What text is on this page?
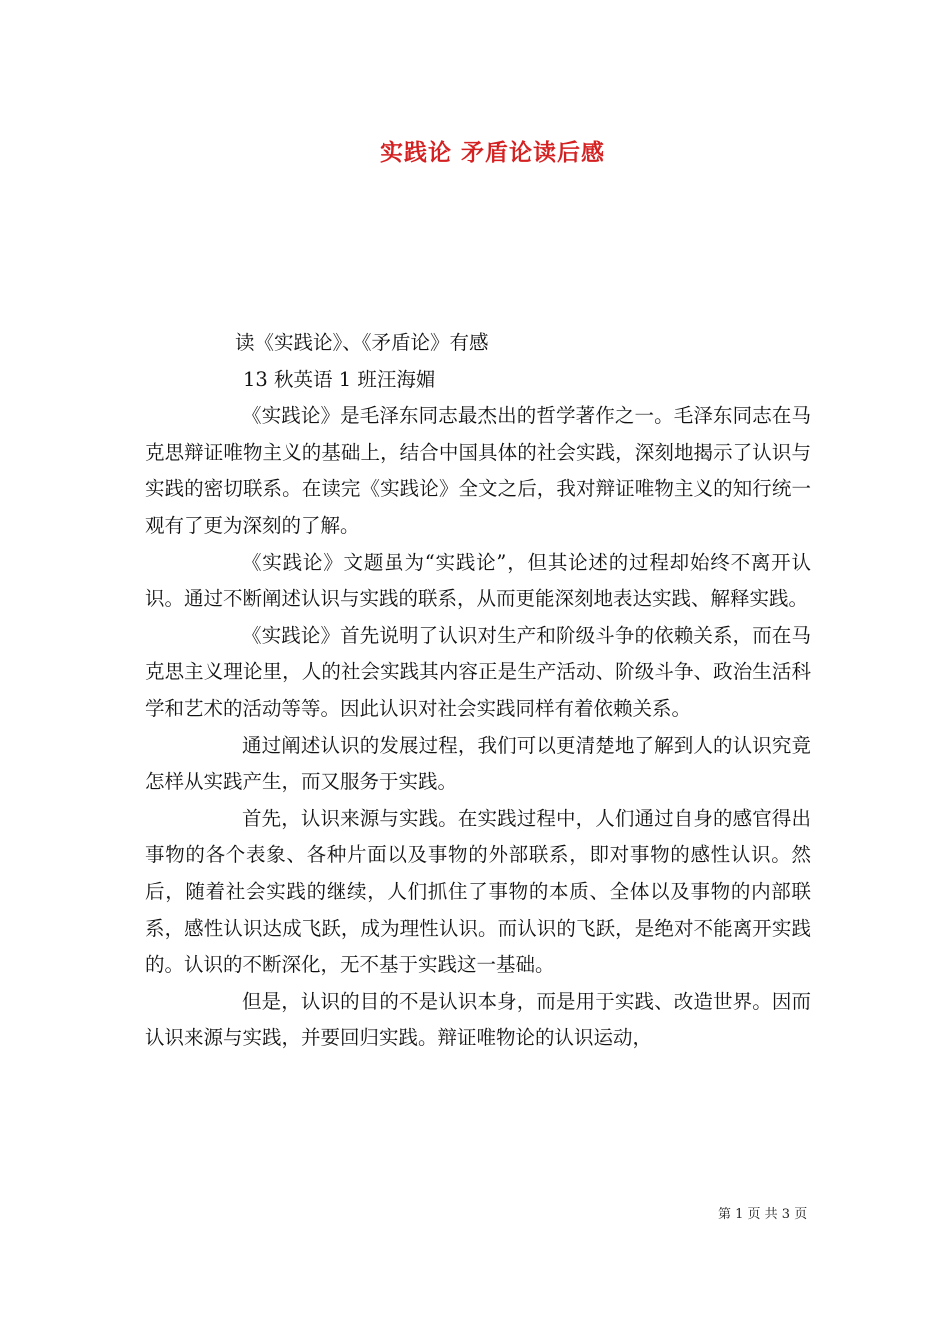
实践论 矛盾论读后感

读《实践论》、《矛盾论》有感

13 秋英语 1 班汪海媚

《实践论》是毛泽东同志最杰出的哲学著作之一。毛泽东同志在马克思辩证唯物主义的基础上，结合中国具体的社会实践，深刻地揭示了认识与实践的密切联系。在读完《实践论》全文之后，我对辩证唯物主义的知行统一观有了更为深刻的了解。

《实践论》文题虽为“实践论”，但其论述的过程却始终不离开认识。通过不断阐述认识与实践的联系，从而更能深刻地表达实践、解释实践。

《实践论》首先说明了认识对生产和阶级斗争的依赖关系，而在马克思主义理论里，人的社会实践其内容正是生产活动、阶级斗争、政治生活科学和艺术的活动等等。因此认识对社会实践同样有着依赖关系。

通过阐述认识的发展过程，我们可以更清楚地了解到人的认识究竟怎样从实践产生，而又服务于实践。

首先，认识来源与实践。在实践过程中，人们通过自身的感官得出事物的各个表象、各种片面以及事物的外部联系，即对事物的感性认识。然后，随着社会实践的继续，人们抓住了事物的本质、全体以及事物的内部联系，感性认识达成飞跃，成为理性认识。而认识的飞跃，是绝对不能离开实践的。认识的不断深化，无不基于实践这一基础。

但是，认识的目的不是认识本身，而是用于实践、改造世界。因而认识来源与实践，并要回归实践。辩证唯物论的认识运动，

第 1 页 共 3 页
